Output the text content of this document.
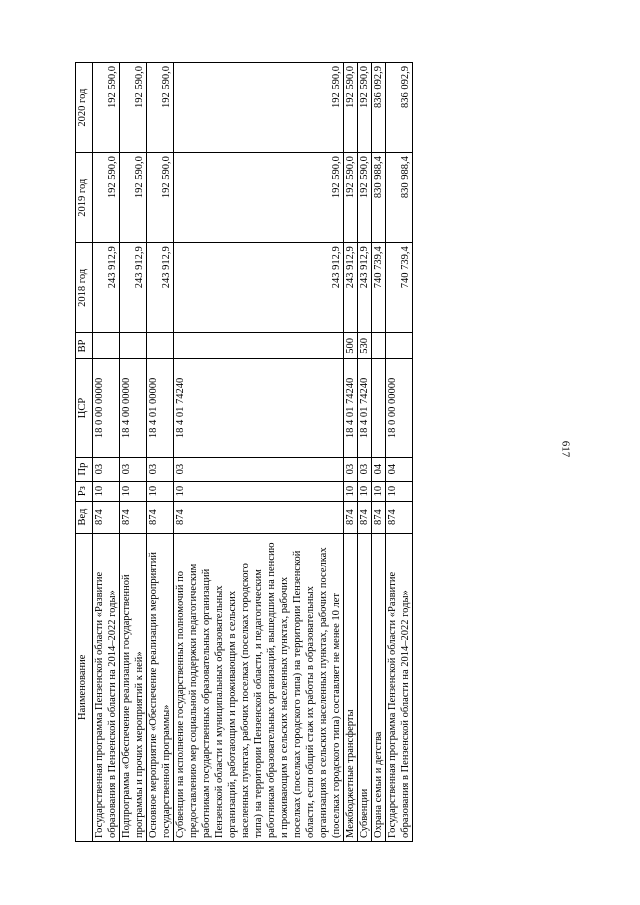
617
Наименование	Вед	Рз	Пр	ЦСР	ВР	2018 год	2019 год	2020 год
Государственная программа Пензенской области «Развитие образования в Пензенской области на 2014–2022 годы»	874	10	03	18 0 00 00000		243 912,9	192 590,0	192 590,0
Подпрограмма «Обеспечение реализации государственной программы и прочих мероприятий к ней»	874	10	03	18 4 00 00000		243 912,9	192 590,0	192 590,0
Основное мероприятие «Обеспечение реализации мероприятий государственной программы»	874	10	03	18 4 01 00000		243 912,9	192 590,0	192 590,0
Субвенции на исполнение государственных полномочий по предоставлению мер социальной поддержки педагогическим работникам государственных образовательных организаций Пензенской области и муниципальных образовательных организаций, работающим и проживающим в сельских населенных пунктах, рабочих поселках (поселках городского типа) на территории Пензенской области, и педагогическим работникам образовательных организаций, вышедшим на пенсию и проживающим в сельских населенных пунктах, рабочих поселках (поселках городского типа) на территории Пензенской области, если общий стаж их работы в образовательных организациях в сельских населенных пунктах, рабочих поселках (поселках городского типа) составляет не менее 10 лет	874	10	03	18 4 01 74240		243 912,9	192 590,0	192 590,0
Межбюджетные трансферты	874	10	03	18 4 01 74240	500	243 912,9	192 590,0	192 590,0
Субвенции	874	10	03	18 4 01 74240	530	243 912,9	192 590,0	192 590,0
Охрана семьи и детства	874	10	04			740 739,4	830 988,4	836 092,9
Государственная программа Пензенской области «Развитие образования в Пензенской области на 2014–2022 годы»	874	10	04	18 0 00 00000		740 739,4	830 988,4	836 092,9
